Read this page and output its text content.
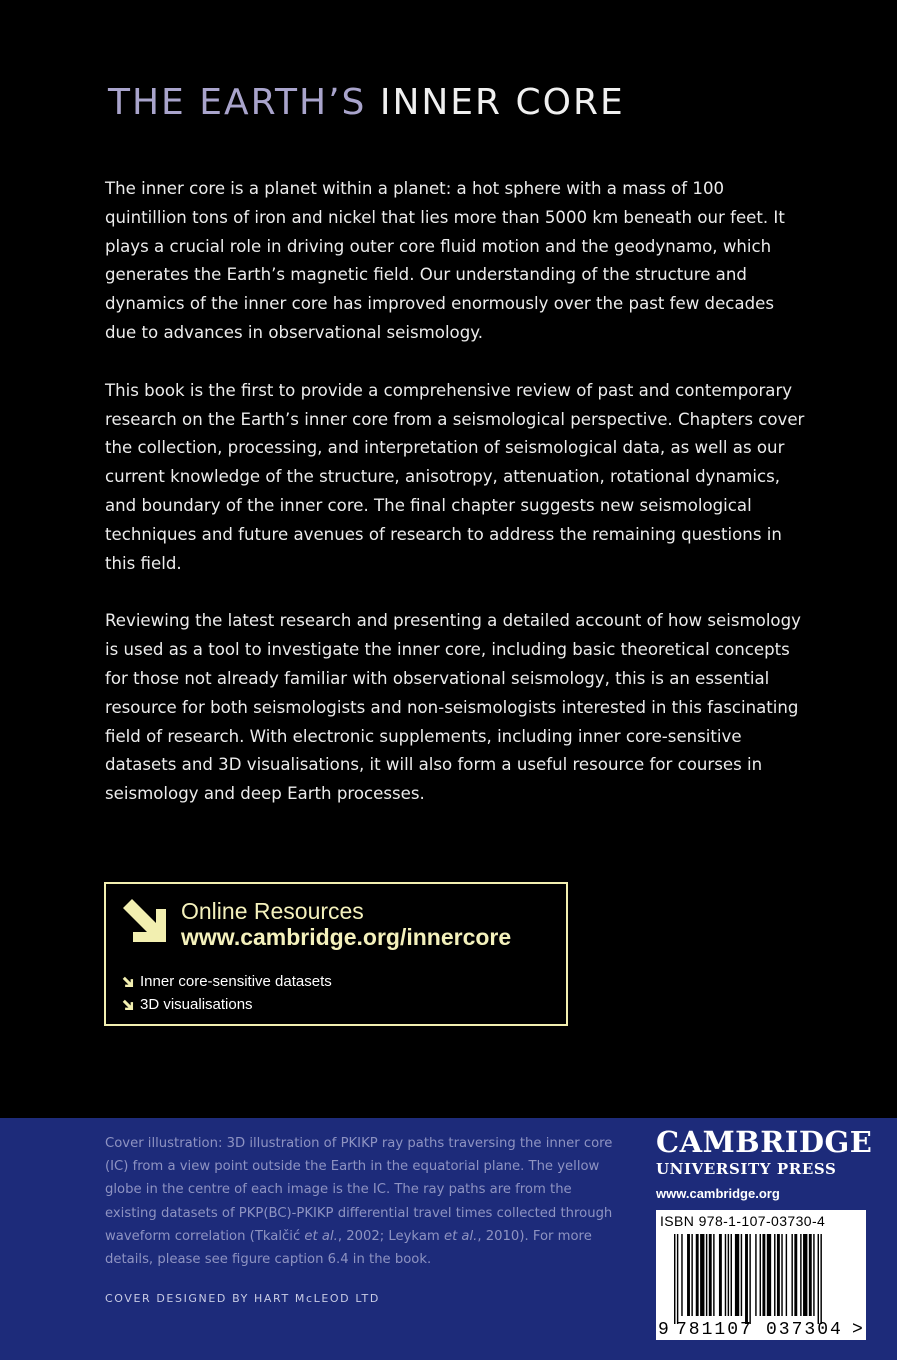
THE EARTH’S INNER CORE

The inner core is a planet within a planet: a hot sphere with a mass of 100 quintillion tons of iron and nickel that lies more than 5000 km beneath our feet. It plays a crucial role in driving outer core fluid motion and the geodynamo, which generates the Earth’s magnetic field. Our understanding of the structure and dynamics of the inner core has improved enormously over the past few decades due to advances in observational seismology.

This book is the first to provide a comprehensive review of past and contemporary research on the Earth’s inner core from a seismological perspective. Chapters cover the collection, processing, and interpretation of seismological data, as well as our current knowledge of the structure, anisotropy, attenuation, rotational dynamics, and boundary of the inner core. The final chapter suggests new seismological techniques and future avenues of research to address the remaining questions in this field.

Reviewing the latest research and presenting a detailed account of how seismology is used as a tool to investigate the inner core, including basic theoretical concepts for those not already familiar with observational seismology, this is an essential resource for both seismologists and non-seismologists interested in this fascinating field of research. With electronic supplements, including inner core-sensitive datasets and 3D visualisations, it will also form a useful resource for courses in seismology and deep Earth processes.

Online Resources
www.cambridge.org/innercore
Inner core-sensitive datasets
3D visualisations
Cover illustration: 3D illustration of PKIKP ray paths traversing the inner core (IC) from a view point outside the Earth in the equatorial plane. The yellow globe in the centre of each image is the IC. The ray paths are from the existing datasets of PKP(BC)-PKIKP differential travel times collected through waveform correlation (Tkalčić et al., 2002; Leykam et al., 2010). For more details, please see figure caption 6.4 in the book.
COVER DESIGNED BY HART McLEOD LTD
CAMBRIDGE
UNIVERSITY PRESS
www.cambridge.org
ISBN 978-1-107-03730-4
9 781107 037304 >
